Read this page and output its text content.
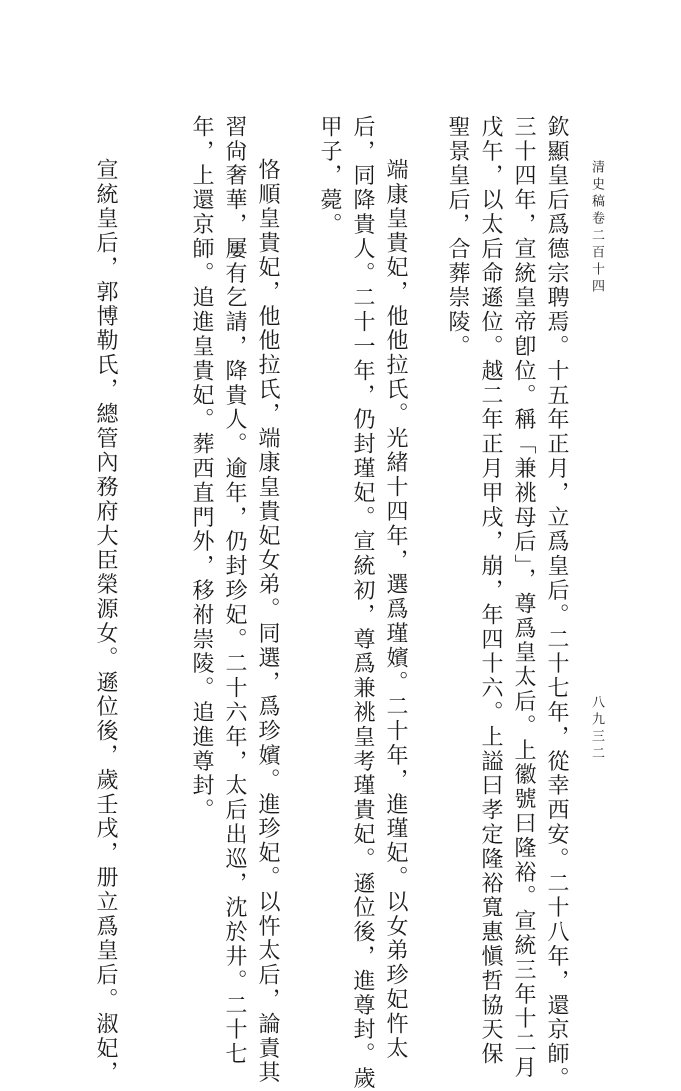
清史稿卷二百十四
八九三二
欽顯皇后爲德宗聘焉。十五年正月，立爲皇后。二十七年，從幸西安。二十八年，還京師。
三十四年，宣統皇帝卽位。稱「兼祧母后」，尊爲皇太后。上徽號曰隆裕。宣統三年十二月
戊午，以太后命遜位。越二年正月甲戌，崩，年四十六。上謚曰孝定隆裕寬惠愼哲協天保
聖景皇后，合葬崇陵。
端康皇貴妃，他他拉氏。光緒十四年，選爲瑾嬪。二十年，進瑾妃。以女弟珍妃忤太
后，同降貴人。二十一年，仍封瑾妃。宣統初，尊爲兼祧皇考瑾貴妃。遜位後，進尊封。歲
甲子，薨。
恪順皇貴妃，他他拉氏，端康皇貴妃女弟。同選，爲珍嬪。進珍妃。以忤太后，論責其
習尙奢華，屢有乞請，降貴人。逾年，仍封珍妃。二十六年，太后出巡，沈於井。二十七
年，上還京師。追進皇貴妃。葬西直門外，移祔崇陵。追進尊封。
宣統皇后，郭博勒氏，總管內務府大臣榮源女。遜位後，歲壬戌，册立爲皇后。淑妃，
